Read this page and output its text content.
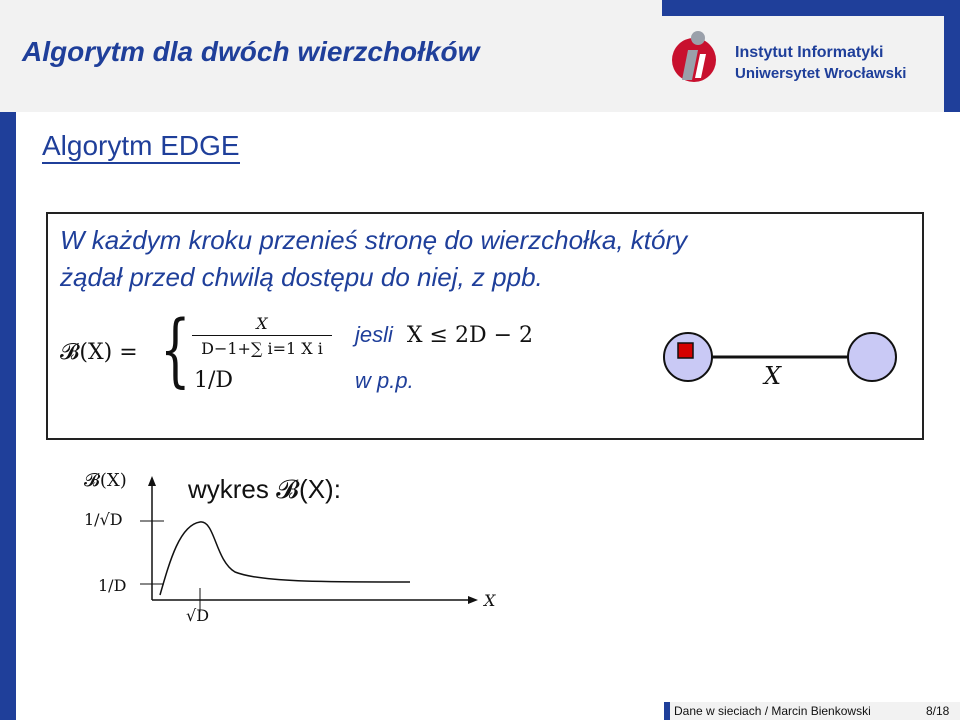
Algorytm dla dwóch wierzchołków	Instytut Informatyki
Uniwersytet Wrocławski
Algorytm EDGE
W każdym kroku przenieś stronę do wierzchołka, który
żądał przed chwilą dostępu do niej, z ppb.
𝓑(X) = {	X
D−1+∑ i=1 X i
1/D
jesli X ≤ 2D − 2
w p.p.	X
wykres 𝓑(X):
𝓑(X)
1/√D
1/D
√D
X
Dane w sieciach / Marcin Bienkowski	8/18
